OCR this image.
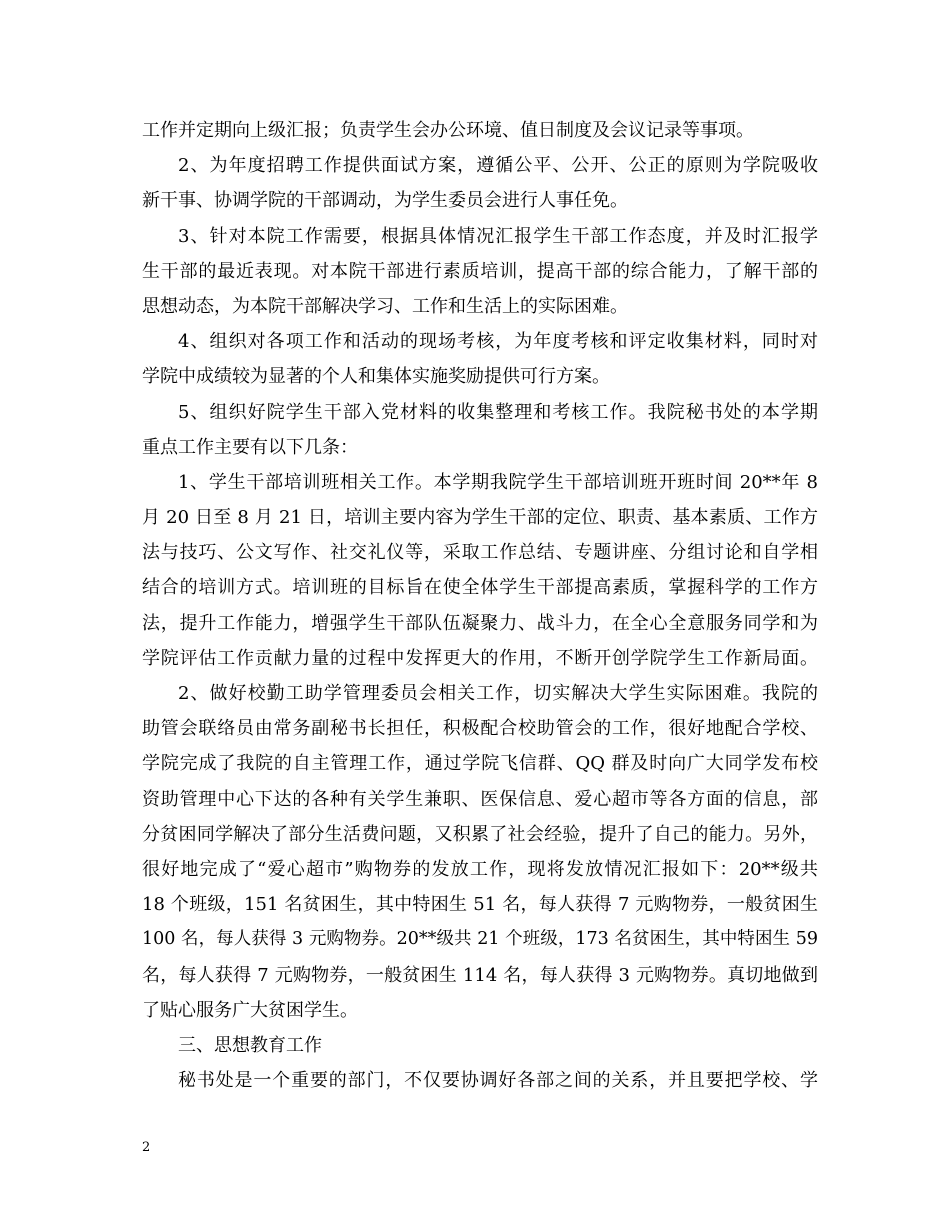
工作并定期向上级汇报；负责学生会办公环境、值日制度及会议记录等事项。
2、为年度招聘工作提供面试方案，遵循公平、公开、公正的原则为学院吸收
新干事、协调学院的干部调动，为学生委员会进行人事任免。
3、针对本院工作需要，根据具体情况汇报学生干部工作态度，并及时汇报学
生干部的最近表现。对本院干部进行素质培训，提高干部的综合能力，了解干部的
思想动态，为本院干部解决学习、工作和生活上的实际困难。
4、组织对各项工作和活动的现场考核，为年度考核和评定收集材料，同时对
学院中成绩较为显著的个人和集体实施奖励提供可行方案。
5、组织好院学生干部入党材料的收集整理和考核工作。我院秘书处的本学期
重点工作主要有以下几条：
1、学生干部培训班相关工作。本学期我院学生干部培训班开班时间 20**年 8
月 20 日至 8 月 21 日，培训主要内容为学生干部的定位、职责、基本素质、工作方
法与技巧、公文写作、社交礼仪等，采取工作总结、专题讲座、分组讨论和自学相
结合的培训方式。培训班的目标旨在使全体学生干部提高素质，掌握科学的工作方
法，提升工作能力，增强学生干部队伍凝聚力、战斗力，在全心全意服务同学和为
学院评估工作贡献力量的过程中发挥更大的作用，不断开创学院学生工作新局面。
2、做好校勤工助学管理委员会相关工作，切实解决大学生实际困难。我院的
助管会联络员由常务副秘书长担任，积极配合校助管会的工作，很好地配合学校、
学院完成了我院的自主管理工作，通过学院飞信群、QQ 群及时向广大同学发布校
资助管理中心下达的各种有关学生兼职、医保信息、爱心超市等各方面的信息，部
分贫困同学解决了部分生活费问题，又积累了社会经验，提升了自己的能力。另外，
很好地完成了“爱心超市”购物券的发放工作，现将发放情况汇报如下：20**级共
18 个班级，151 名贫困生，其中特困生 51 名，每人获得 7 元购物券，一般贫困生
100 名，每人获得 3 元购物券。20**级共 21 个班级，173 名贫困生，其中特困生 59
名，每人获得 7 元购物券，一般贫困生 114 名，每人获得 3 元购物券。真切地做到
了贴心服务广大贫困学生。
三、思想教育工作
秘书处是一个重要的部门，不仅要协调好各部之间的关系，并且要把学校、学
2
